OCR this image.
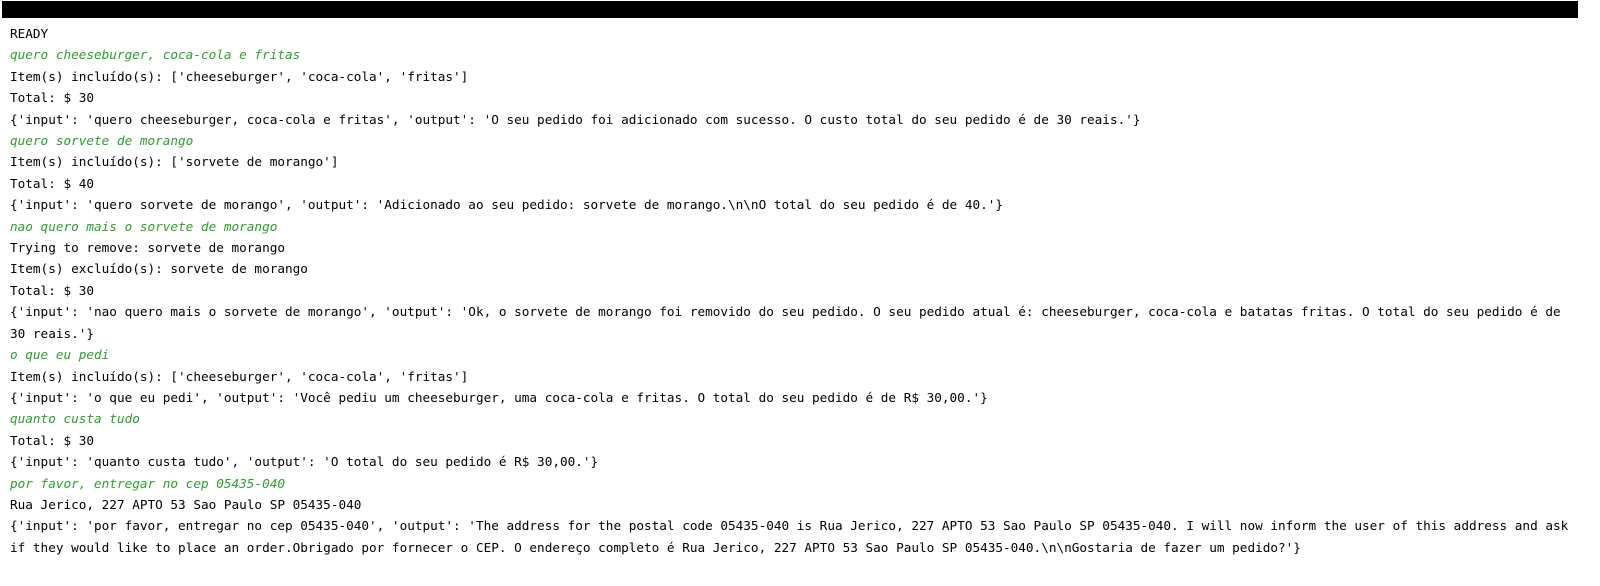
READY
quero cheeseburger, coca-cola e fritas
Item(s) incluído(s): ['cheeseburger', 'coca-cola', 'fritas']
Total: $ 30
{'input': 'quero cheeseburger, coca-cola e fritas', 'output': 'O seu pedido foi adicionado com sucesso. O custo total do seu pedido é de 30 reais.'}
quero sorvete de morango
Item(s) incluído(s): ['sorvete de morango']
Total: $ 40
{'input': 'quero sorvete de morango', 'output': 'Adicionado ao seu pedido: sorvete de morango.\n\nO total do seu pedido é de 40.'}
nao quero mais o sorvete de morango
Trying to remove: sorvete de morango
Item(s) excluído(s): sorvete de morango
Total: $ 30
{'input': 'nao quero mais o sorvete de morango', 'output': 'Ok, o sorvete de morango foi removido do seu pedido. O seu pedido atual é: cheeseburger, coca-cola e batatas fritas. O total do seu pedido é de 30 reais.'}
o que eu pedi
Item(s) incluído(s): ['cheeseburger', 'coca-cola', 'fritas']
{'input': 'o que eu pedi', 'output': 'Você pediu um cheeseburger, uma coca-cola e fritas. O total do seu pedido é de R$ 30,00.'}
quanto custa tudo
Total: $ 30
{'input': 'quanto custa tudo', 'output': 'O total do seu pedido é R$ 30,00.'}
por favor, entregar no cep 05435-040
Rua Jerico, 227 APTO 53 Sao Paulo SP 05435-040
{'input': 'por favor, entregar no cep 05435-040', 'output': 'The address for the postal code 05435-040 is Rua Jerico, 227 APTO 53 Sao Paulo SP 05435-040. I will now inform the user of this address and ask if they would like to place an order.Obrigado por fornecer o CEP. O endereço completo é Rua Jerico, 227 APTO 53 Sao Paulo SP 05435-040.\n\nGostaria de fazer um pedido?'}
